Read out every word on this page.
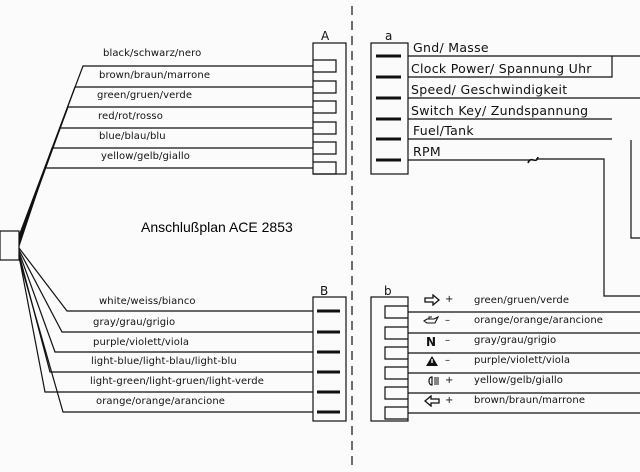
A
B
a
b
black/schwarz/nero
brown/braun/marrone
green/gruen/verde
red/rot/rosso
blue/blau/blu
yellow/gelb/giallo
white/weiss/bianco
gray/grau/grigio
purple/violett/viola
light-blue/light-blau/light-blu
light-green/light-gruen/light-verde
orange/orange/arancione
Gnd/ Masse
Clock Power/ Spannung Uhr
Speed/ Geschwindigkeit
Switch Key/ Zundspannung
Fuel/Tank
RPM
N
+
–
–
–
+
+
green/gruen/verde
orange/orange/arancione
gray/grau/grigio
purple/violett/viola
yellow/gelb/giallo
brown/braun/marrone
Anschlußplan ACE 2853
